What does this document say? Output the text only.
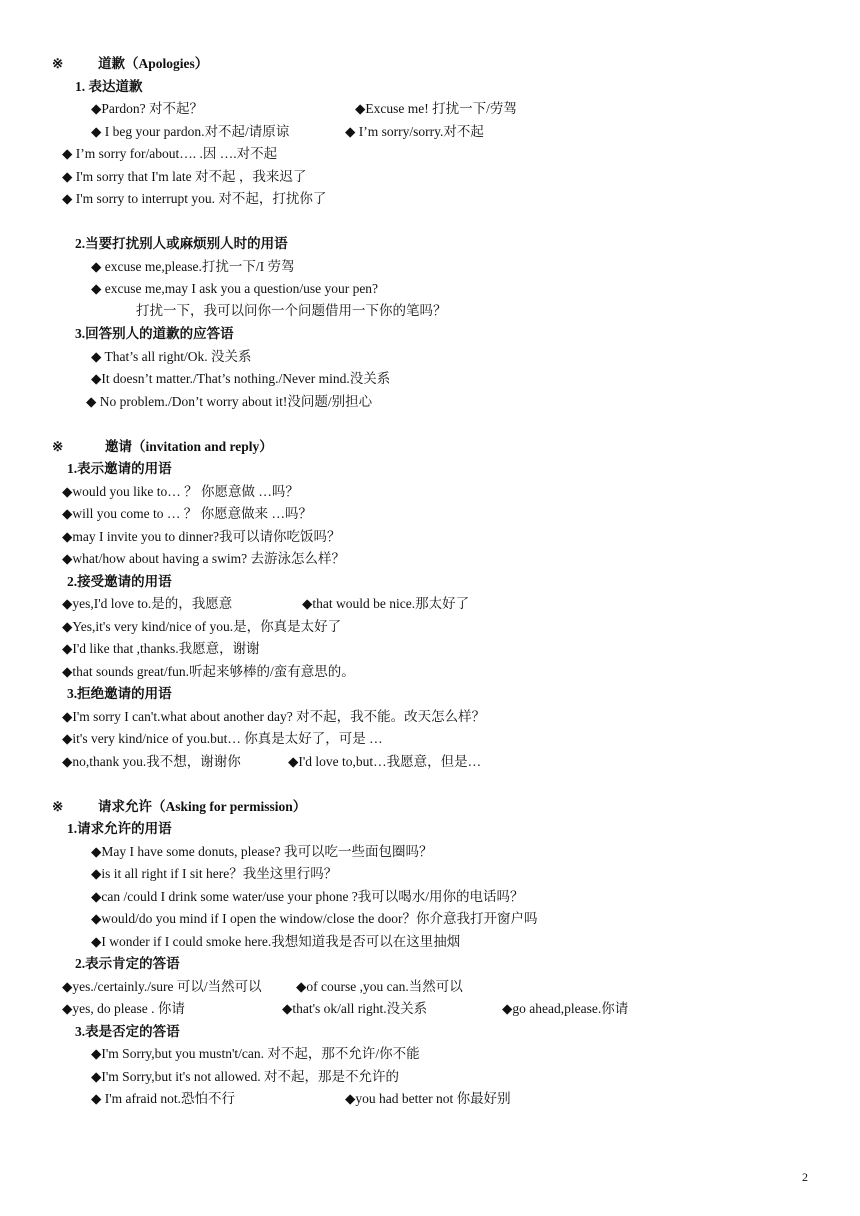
※	道歉（Apologies）
1. 表达道歉
◆Pardon? 对不起？	◆Excuse me! 打扰一下/劳驾
◆ I beg your pardon.对不起/请原谅	◆ I’m sorry/sorry.对不起
◆ I’m sorry for/about…. .因 ….对不起
◆ I'm sorry that I'm late 对不起 ，我来迟了
◆ I'm sorry to interrupt you. 对不起，打扰你了
2.当要打扰别人或麻烦别人时的用语
◆ excuse me,please.打扰一下/I 劳驾
◆ excuse me,may I ask you a question/use your pen?
打扰一下，我可以问你一个问题借用一下你的笔吗？
3.回答别人的道歉的应答语
◆ That’s all right/Ok. 没关系
◆It doesn’t matter./That’s nothing./Never mind.没关系
◆ No problem./Don’t worry about it!没问题/别担心
※	邀请（invitation and reply）
1.表示邀请的用语
◆would you like to… ？ 你愿意做 …吗？
◆will you come to … ？ 你愿意做来 …吗？
◆may I invite you to dinner?我可以请你吃饭吗？
◆what/how about having a swim? 去游泳怎么样？
2.接受邀请的用语
◆yes,I'd love to.是的，我愿意	◆that would be nice.那太好了
◆Yes,it's very kind/nice of you.是，你真是太好了
◆I'd like that ,thanks.我愿意，谢谢
◆that sounds great/fun.听起来够棒的/蛮有意思的。
3.拒绝邀请的用语
◆I'm sorry I can't.what about another day? 对不起，我不能。改天怎么样？
◆it's very kind/nice of you.but… 你真是太好了，可是 …
◆no,thank you.我不想，谢谢你	◆I'd love to,but…我愿意，但是…
※	请求允许（Asking for permission）
1.请求允许的用语
◆May I have some donuts, please? 我可以吃一些面包圈吗？
◆is it all right if I sit here？我坐这里行吗？
◆can /could I drink some water/use your phone ?我可以喝水/用你的电话吗？
◆would/do you mind if I open the window/close the door？你介意我打开窗户吗
◆I wonder if I could smoke here.我想知道我是否可以在这里抽烟
2.表示肯定的答语
◆yes./certainly./sure 可以/当然可以	◆of course ,you can.当然可以
◆yes, do please . 你请	◆that's ok/all right.没关系	◆go ahead,please.你请
3.表是否定的答语
◆I'm Sorry,but you mustn't/can. 对不起，那不允许/你不能
◆I'm Sorry,but it's not allowed. 对不起，那是不允许的
◆ I'm afraid not.恐怕不行	◆you had better not 你最好别
2
